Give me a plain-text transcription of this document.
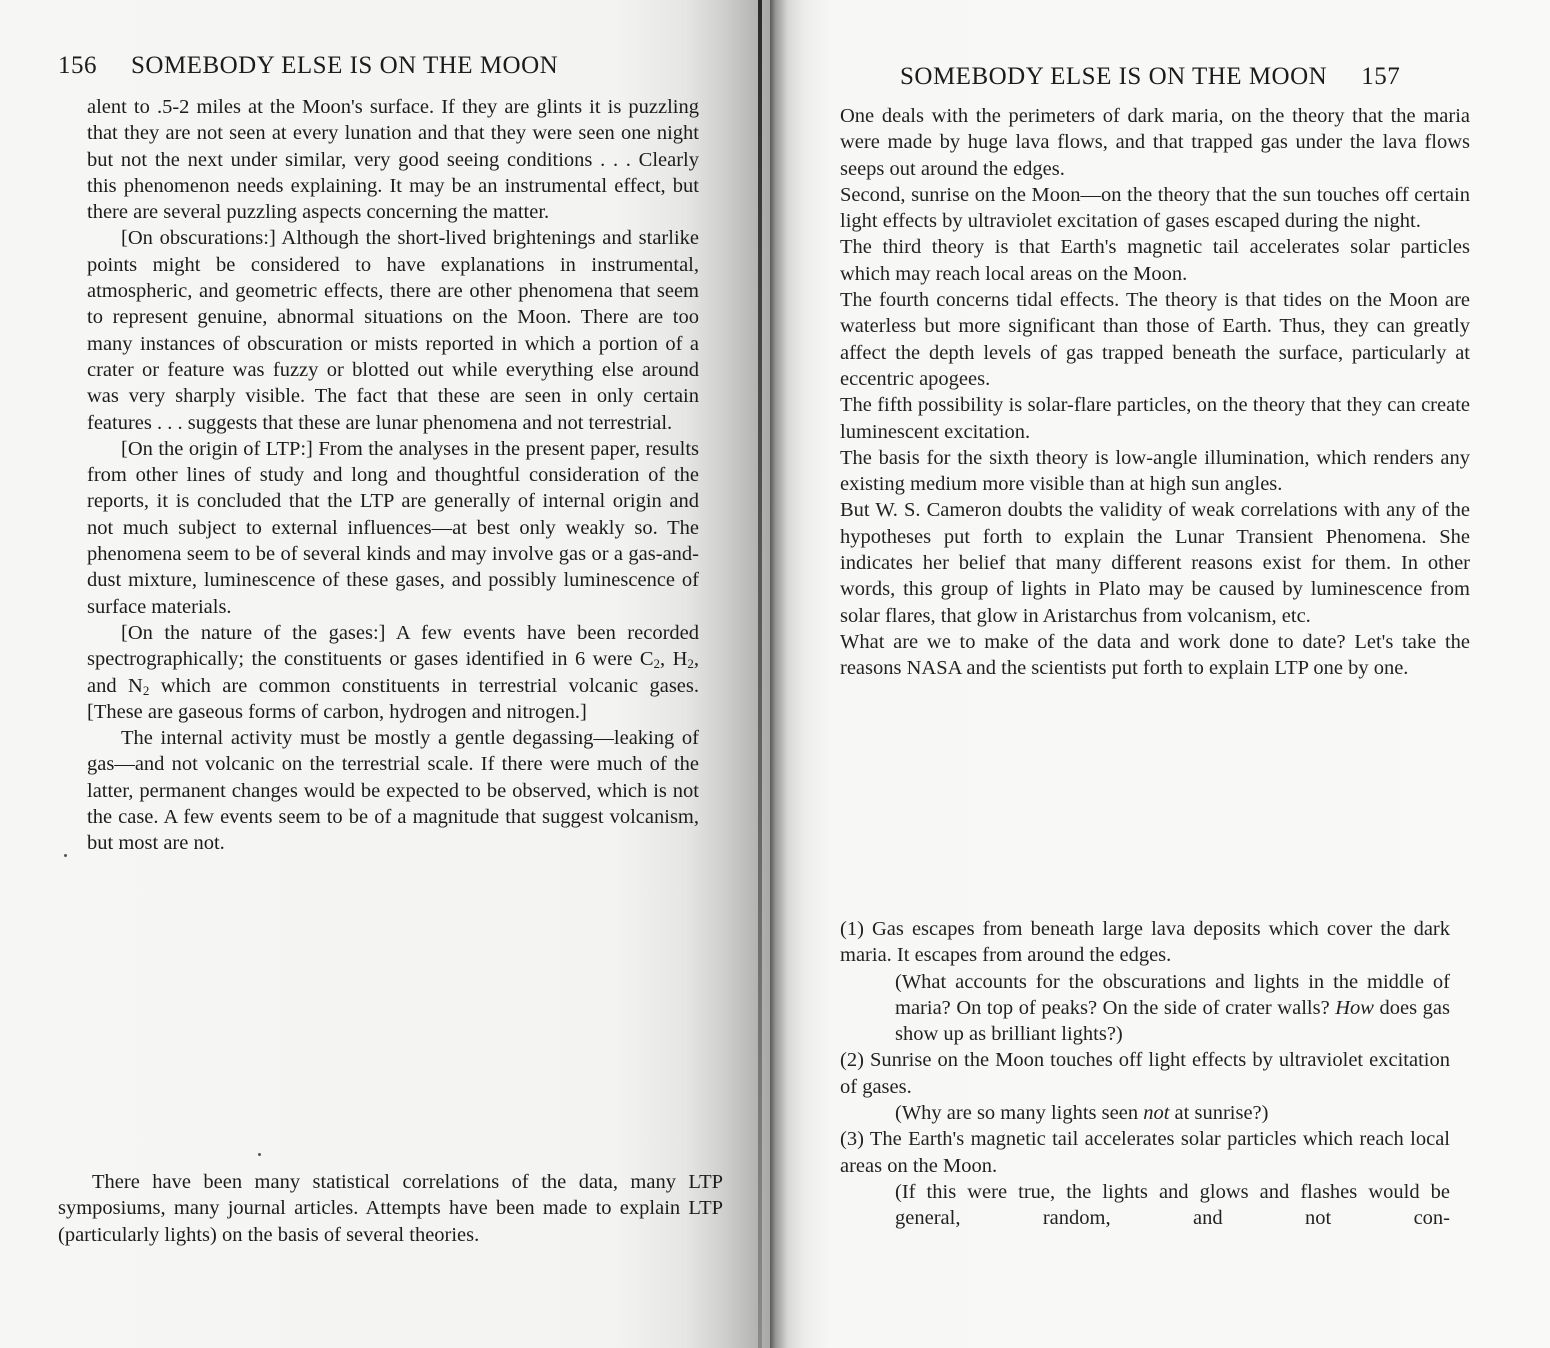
156 SOMEBODY ELSE IS ON THE MOON

alent to .5-2 miles at the Moon's surface. If they are glints it is puzzling that they are not seen at every lunation and that they were seen one night but not the next under similar, very good seeing conditions . . . Clearly this phenomenon needs explaining. It may be an instrumental effect, but there are several puzzling aspects concerning the matter.

[On obscurations:] Although the short-lived brightenings and starlike points might be considered to have explanations in instrumental, atmospheric, and geometric effects, there are other phenomena that seem to represent genuine, abnormal situations on the Moon. There are too many instances of obscuration or mists reported in which a portion of a crater or feature was fuzzy or blotted out while everything else around was very sharply visible. The fact that these are seen in only certain features . . . suggests that these are lunar phenomena and not terrestrial.

[On the origin of LTP:] From the analyses in the present paper, results from other lines of study and long and thoughtful consideration of the reports, it is concluded that the LTP are generally of internal origin and not much subject to external influences—at best only weakly so. The phenomena seem to be of several kinds and may involve gas or a gas-and-dust mixture, luminescence of these gases, and possibly luminescence of surface materials.

[On the nature of the gases:] A few events have been recorded spectrographically; the constituents or gases identified in 6 were $C_2$, $H_2$, and $N_2$ which are common constituents in terrestrial volcanic gases. [These are gaseous forms of carbon, hydrogen and nitrogen.]

The internal activity must be mostly a gentle degassing—leaking of gas—and not volcanic on the terrestrial scale. If there were much of the latter, permanent changes would be expected to be observed, which is not the case. A few events seem to be of a magnitude that suggest volcanism, but most are not.

There have been many statistical correlations of the data, many LTP symposiums, many journal articles. Attempts have been made to explain LTP (particularly lights) on the basis of several theories.

SOMEBODY ELSE IS ON THE MOON 157

One deals with the perimeters of dark maria, on the theory that the maria were made by huge lava flows, and that trapped gas under the lava flows seeps out around the edges.

Second, sunrise on the Moon—on the theory that the sun touches off certain light effects by ultraviolet excitation of gases escaped during the night.

The third theory is that Earth's magnetic tail accelerates solar particles which may reach local areas on the Moon.

The fourth concerns tidal effects. The theory is that tides on the Moon are waterless but more significant than those of Earth. Thus, they can greatly affect the depth levels of gas trapped beneath the surface, particularly at eccentric apogees.

The fifth possibility is solar-flare particles, on the theory that they can create luminescent excitation.

The basis for the sixth theory is low-angle illumination, which renders any existing medium more visible than at high sun angles.

But W. S. Cameron doubts the validity of weak correlations with any of the hypotheses put forth to explain the Lunar Transient Phenomena. She indicates her belief that many different reasons exist for them. In other words, this group of lights in Plato may be caused by luminescence from solar flares, that glow in Aristarchus from volcanism, etc.

What are we to make of the data and work done to date? Let's take the reasons NASA and the scientists put forth to explain LTP one by one.

(1) Gas escapes from beneath large lava deposits which cover the dark maria. It escapes from around the edges.

(What accounts for the obscurations and lights in the middle of maria? On top of peaks? On the side of crater walls? How does gas show up as brilliant lights?)

(2) Sunrise on the Moon touches off light effects by ultraviolet excitation of gases.

(Why are so many lights seen not at sunrise?)

(3) The Earth's magnetic tail accelerates solar particles which reach local areas on the Moon.

(If this were true, the lights and glows and flashes would be general, random, and not con-
